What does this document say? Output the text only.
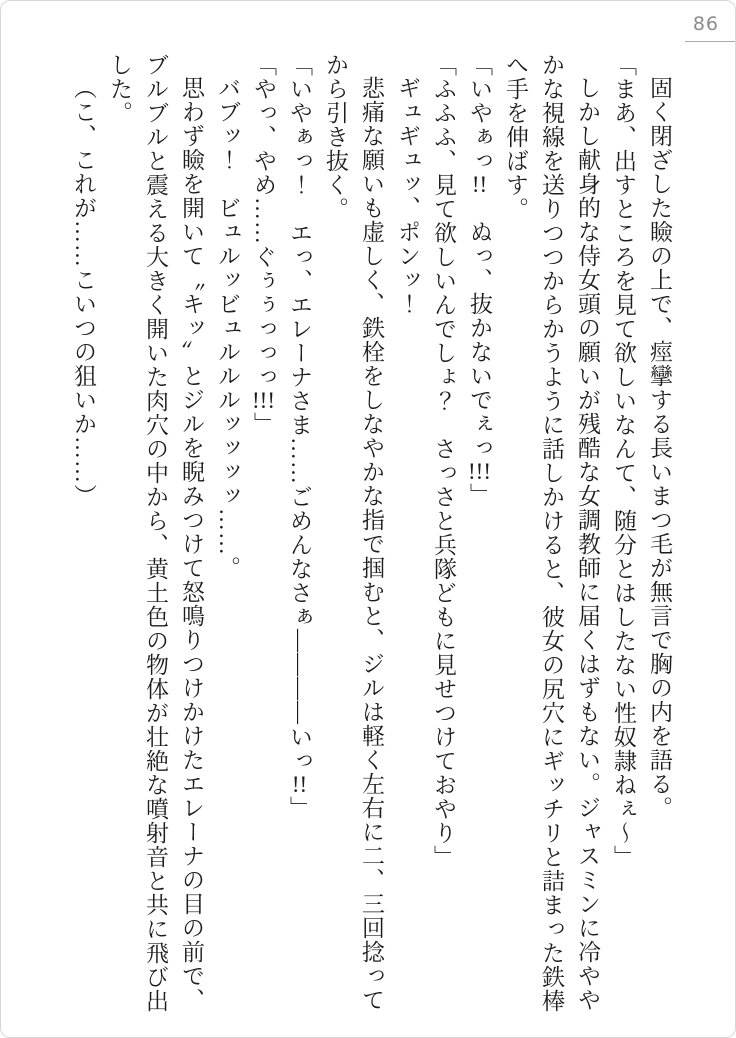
86

固く閉ざした瞼の上で、痙攣する長いまつ毛が無言で胸の内を語る。

「まあ、出すところを見て欲しいなんて、随分とはしたない性奴隷ねぇ〜」

しかし献身的な侍女頭の願いが残酷な女調教師に届くはずもない。ジャスミンに冷やや

かな視線を送りつつからかうように話しかけると、彼女の尻穴にギッチリと詰まった鉄棒

へ手を伸ばす。

「いやぁっ!!　ぬっ、抜かないでぇっ!!!」

「ふふふ、見て欲しいんでしょ？　さっさと兵隊どもに見せつけておやり」

ギュギュッ、ポンッ！

悲痛な願いも虚しく、鉄栓をしなやかな指で掴むと、ジルは軽く左右に二、三回捻って

から引き抜く。

「いやぁっ！　エっ、エレーナさま……ごめんなさぁ――――いっ!!」

「やっ、やめ……ぐぅぅっっっ!!!」

バブッ！　ビュルッビュルルルッッッッ……。

思わず瞼を開いて〝キッ〟とジルを睨みつけて怒鳴りつけかけたエレーナの目の前で、

ブルブルと震える大きく開いた肉穴の中から、黄土色の物体が壮絶な噴射音と共に飛び出

した。

（こ、これが……こいつの狙いか……）
